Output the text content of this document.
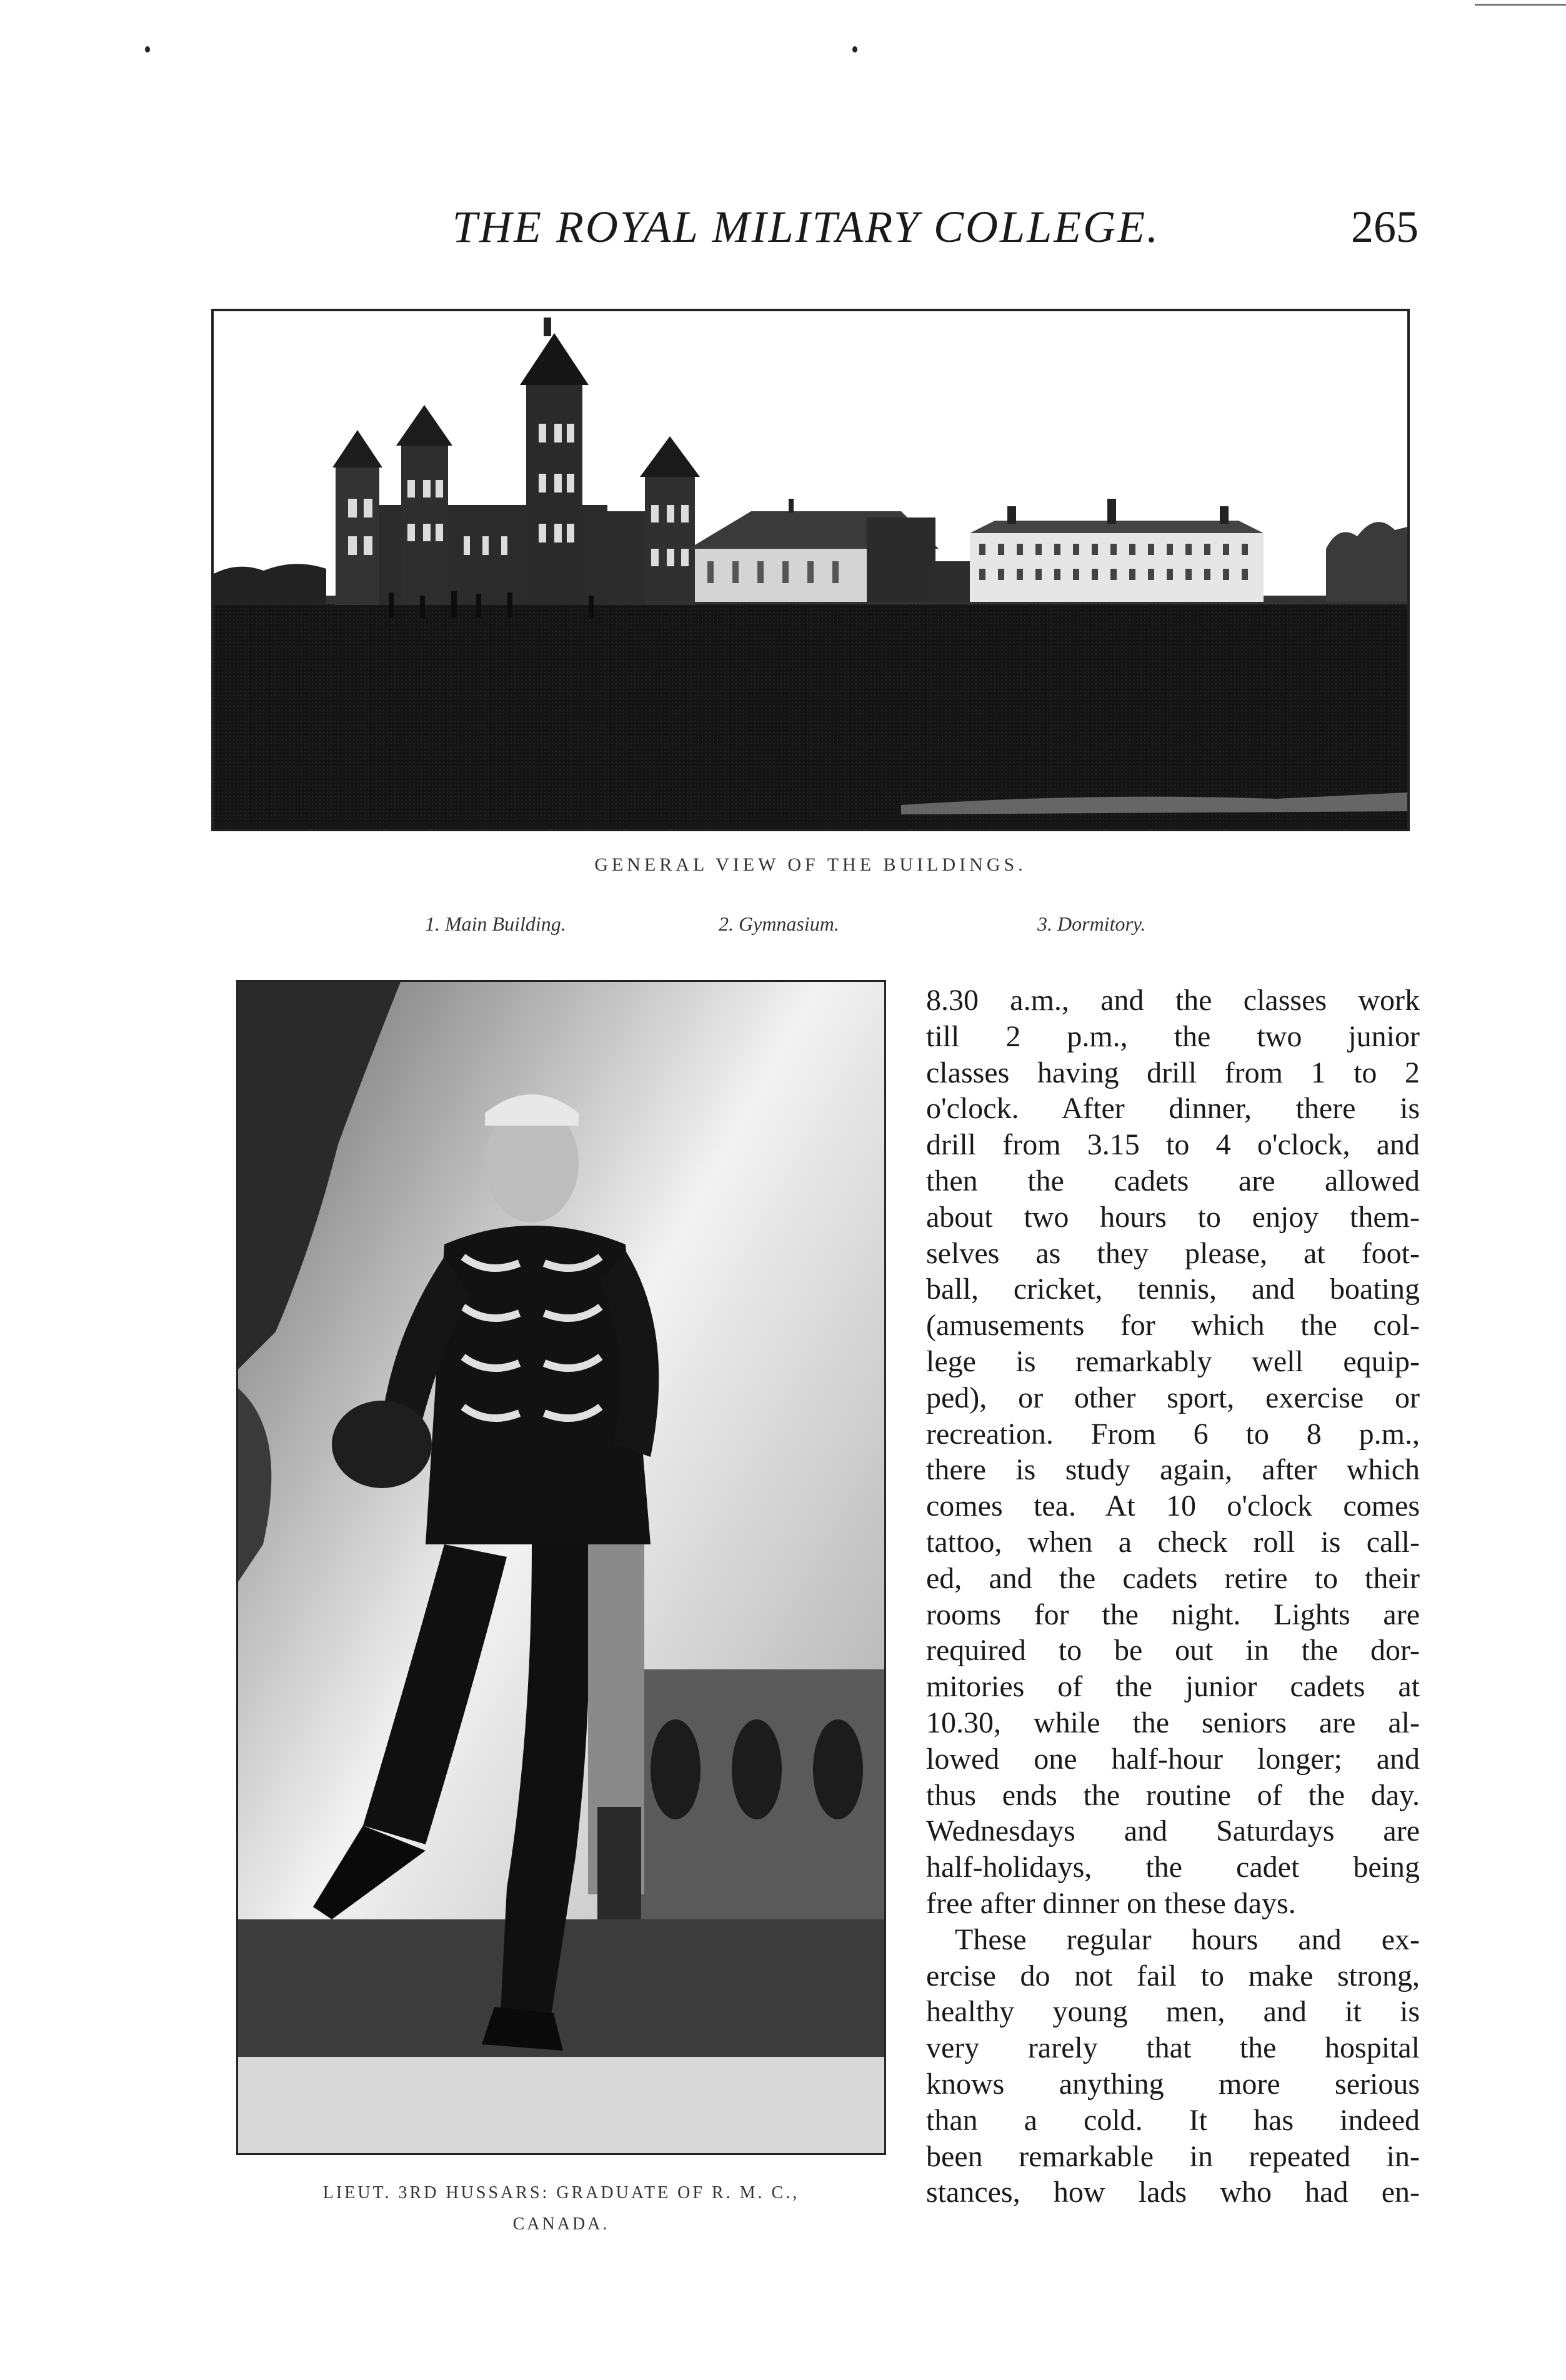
THE ROYAL MILITARY COLLEGE.	265
GENERAL VIEW OF THE BUILDINGS.
1. Main Building.	2. Gymnasium.	3. Dormitory.
LIEUT. 3RD HUSSARS: GRADUATE OF R. M. C.,
CANADA.
8.30 a.m., and the classes work
till 2 p.m., the two junior
classes having drill from 1 to 2
o'clock. After dinner, there is
drill from 3.15 to 4 o'clock, and
then the cadets are allowed
about two hours to enjoy them-
selves as they please, at foot-
ball, cricket, tennis, and boating
(amusements for which the col-
lege is remarkably well equip-
ped), or other sport, exercise or
recreation. From 6 to 8 p.m.,
there is study again, after which
comes tea. At 10 o'clock comes
tattoo, when a check roll is call-
ed, and the cadets retire to their
rooms for the night. Lights are
required to be out in the dor-
mitories of the junior cadets at
10.30, while the seniors are al-
lowed one half-hour longer; and
thus ends the routine of the day.
Wednesdays and Saturdays are
half-holidays, the cadet being
free after dinner on these days.
These regular hours and ex-
ercise do not fail to make strong,
healthy young men, and it is
very rarely that the hospital
knows anything more serious
than a cold. It has indeed
been remarkable in repeated in-
stances, how lads who had en-
